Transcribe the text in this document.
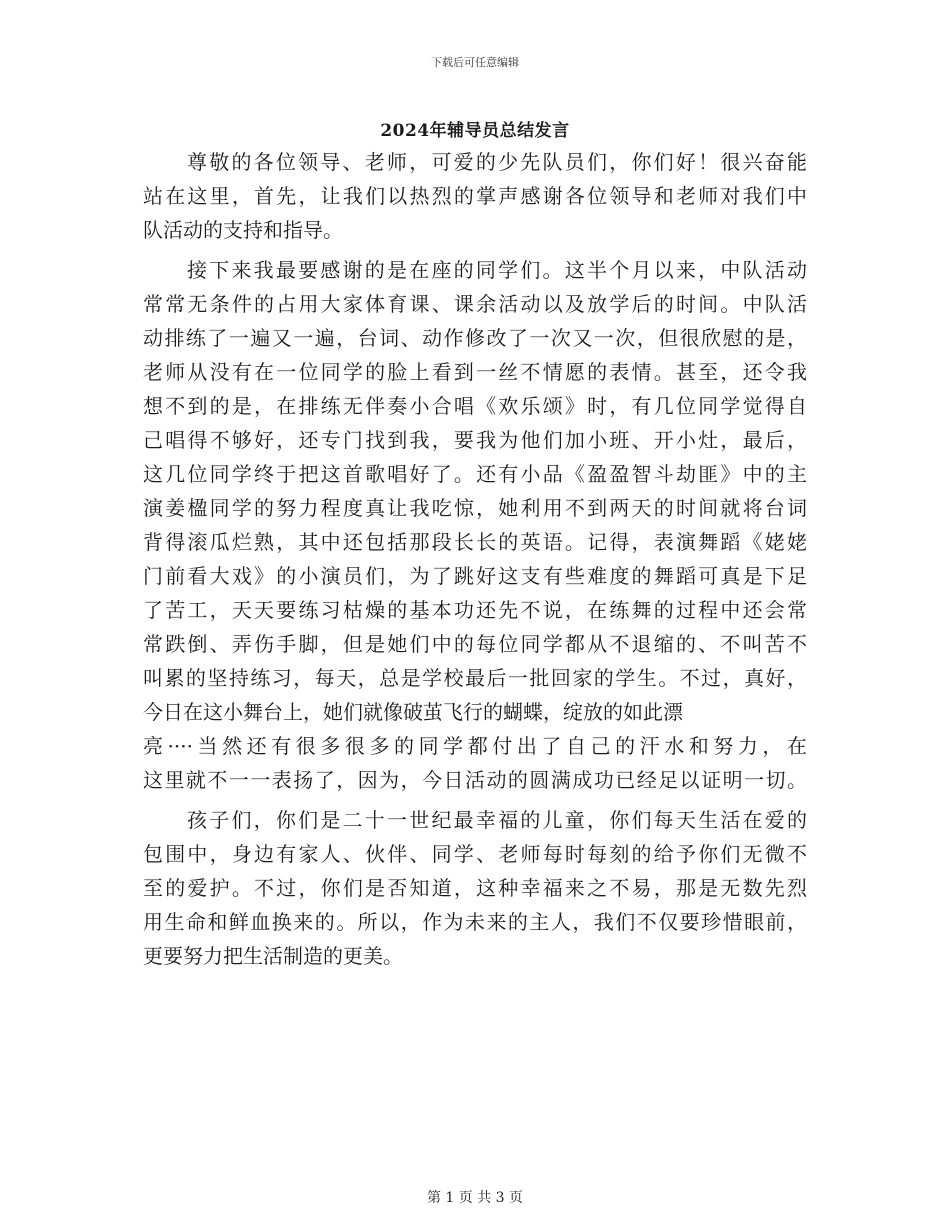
下载后可任意编辑
2024年辅导员总结发言
尊敬的各位领导、老师，可爱的少先队员们，你们好！很兴奋能
站在这里，首先，让我们以热烈的掌声感谢各位领导和老师对我们中
队活动的支持和指导。
接下来我最要感谢的是在座的同学们。这半个月以来，中队活动
常常无条件的占用大家体育课、课余活动以及放学后的时间。中队活
动排练了一遍又一遍，台词、动作修改了一次又一次，但很欣慰的是，
老师从没有在一位同学的脸上看到一丝不情愿的表情。甚至，还令我
想不到的是，在排练无伴奏小合唱《欢乐颂》时，有几位同学觉得自
己唱得不够好，还专门找到我，要我为他们加小班、开小灶，最后，
这几位同学终于把这首歌唱好了。还有小品《盈盈智斗劫匪》中的主
演姜楹同学的努力程度真让我吃惊，她利用不到两天的时间就将台词
背得滚瓜烂熟，其中还包括那段长长的英语。记得，表演舞蹈《姥姥
门前看大戏》的小演员们，为了跳好这支有些难度的舞蹈可真是下足
了苦工，天天要练习枯燥的基本功还先不说，在练舞的过程中还会常
常跌倒、弄伤手脚，但是她们中的每位同学都从不退缩的、不叫苦不
叫累的坚持练习，每天，总是学校最后一批回家的学生。不过，真好，
今日在这小舞台上，她们就像破茧飞行的蝴蝶，绽放的如此漂
亮····当然还有很多很多的同学都付出了自己的汗水和努力，在
这里就不一一表扬了，因为，今日活动的圆满成功已经足以证明一切。
孩子们，你们是二十一世纪最幸福的儿童，你们每天生活在爱的
包围中，身边有家人、伙伴、同学、老师每时每刻的给予你们无微不
至的爱护。不过，你们是否知道，这种幸福来之不易，那是无数先烈
用生命和鲜血换来的。所以，作为未来的主人，我们不仅要珍惜眼前，
更要努力把生活制造的更美。
第 1 页 共 3 页
